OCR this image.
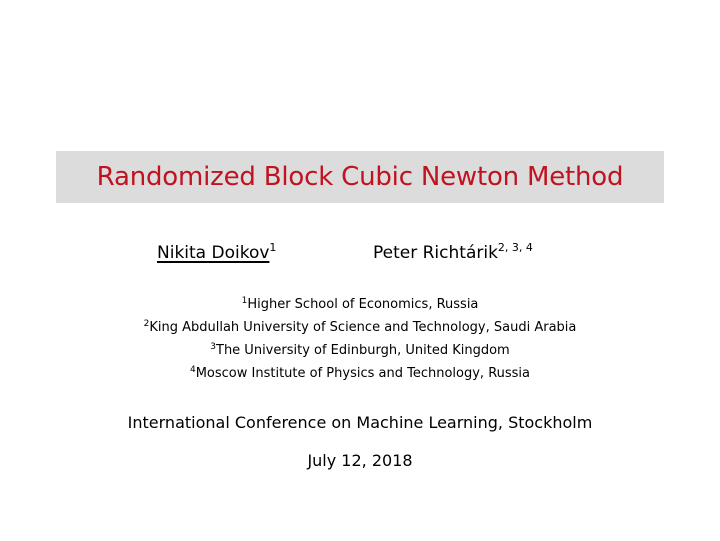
Randomized Block Cubic Newton Method
Nikita Doikov$^1$	Peter Richtárik$^{2, 3, 4}$
$^1$Higher School of Economics, Russia
$^2$King Abdullah University of Science and Technology, Saudi Arabia
$^3$The University of Edinburgh, United Kingdom
$^4$Moscow Institute of Physics and Technology, Russia
International Conference on Machine Learning, Stockholm
July 12, 2018
